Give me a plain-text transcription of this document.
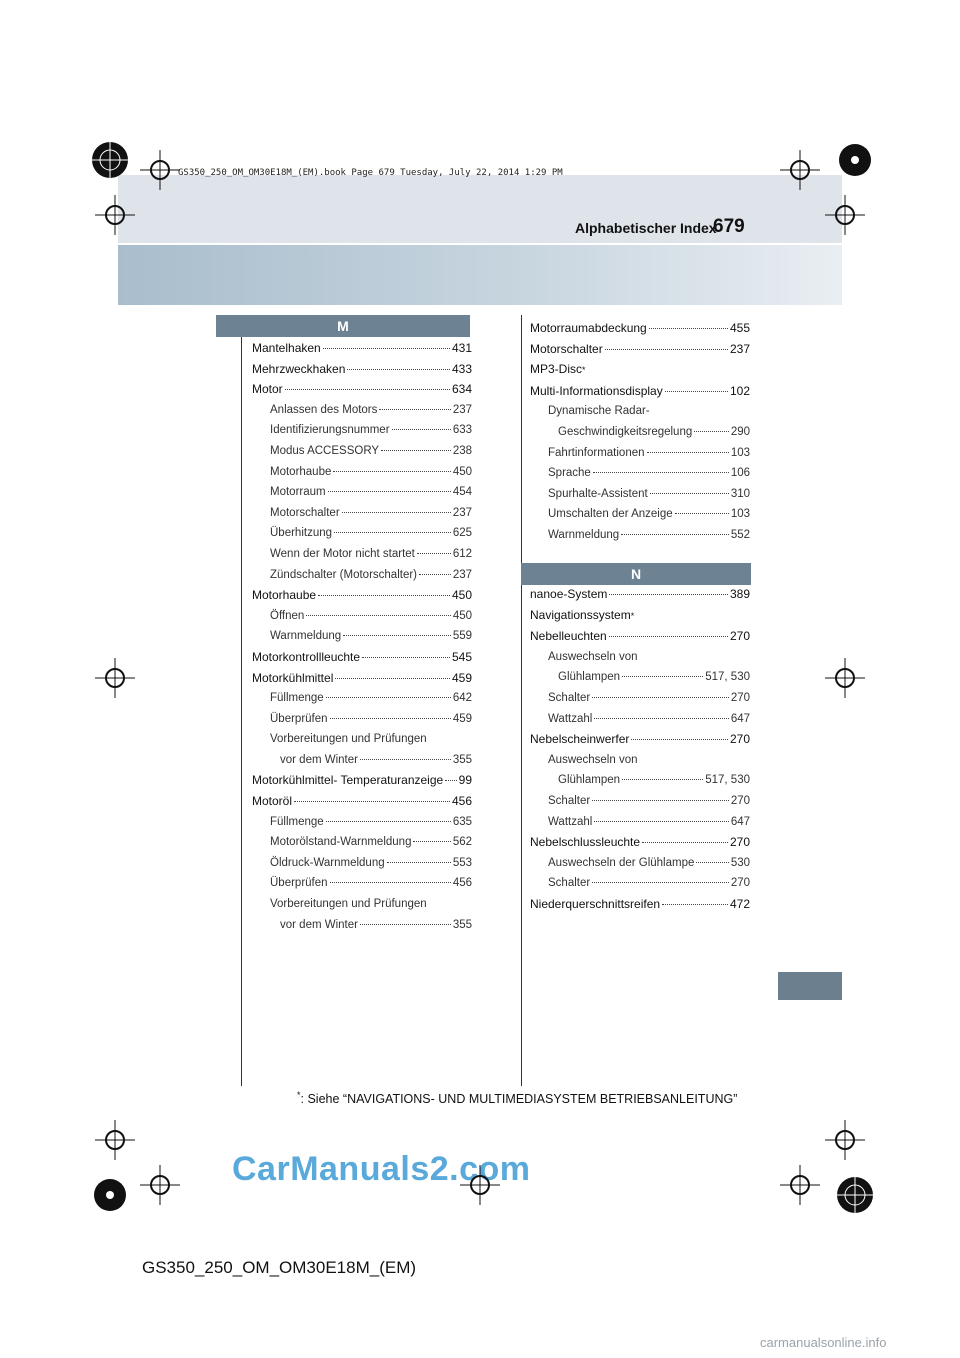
GS350_250_OM_OM30E18M_(EM).book Page 679 Tuesday, July 22, 2014 1:29 PM
Alphabetischer Index
679
M
Mantelhaken	431
Mehrzweckhaken	433
Motor	634
Anlassen des Motors	237
Identifizierungsnummer	633
Modus ACCESSORY	238
Motorhaube	450
Motorraum	454
Motorschalter	237
Überhitzung	625
Wenn der Motor nicht startet	612
Zündschalter (Motorschalter)	237
Motorhaube	450
Öffnen	450
Warnmeldung	559
Motorkontrollleuchte	545
Motorkühlmittel	459
Füllmenge	642
Überprüfen	459
Vorbereitungen und Prüfungen
vor dem Winter	355
Motorkühlmittel- Temperaturanzeige 99
Motoröl	456
Füllmenge	635
Motorölstand-Warnmeldung	562
Öldruck-Warnmeldung	553
Überprüfen	456
Vorbereitungen und Prüfungen
vor dem Winter	355
Motorraumabdeckung	455
Motorschalter	237
MP3-Disc *
Multi-Informationsdisplay	102
Dynamische Radar-
Geschwindigkeitsregelung	290
Fahrtinformationen	103
Sprache	106
Spurhalte-Assistent	310
Umschalten der Anzeige	103
Warnmeldung	552
N
nanoe-System	389
Navigationssystem *
Nebelleuchten	270
Auswechseln von
Glühlampen	517, 530
Schalter	270
Wattzahl	647
Nebelscheinwerfer	270
Auswechseln von
Glühlampen	517, 530
Schalter	270
Wattzahl	647
Nebelschlussleuchte	270
Auswechseln der Glühlampe	530
Schalter	270
Niederquerschnittsreifen	472
*: Siehe “NAVIGATIONS- UND MULTIMEDIASYSTEM BETRIEBSANLEITUNG”
CarManuals2.com
GS350_250_OM_OM30E18M_(EM)
carmanualsonline.info
